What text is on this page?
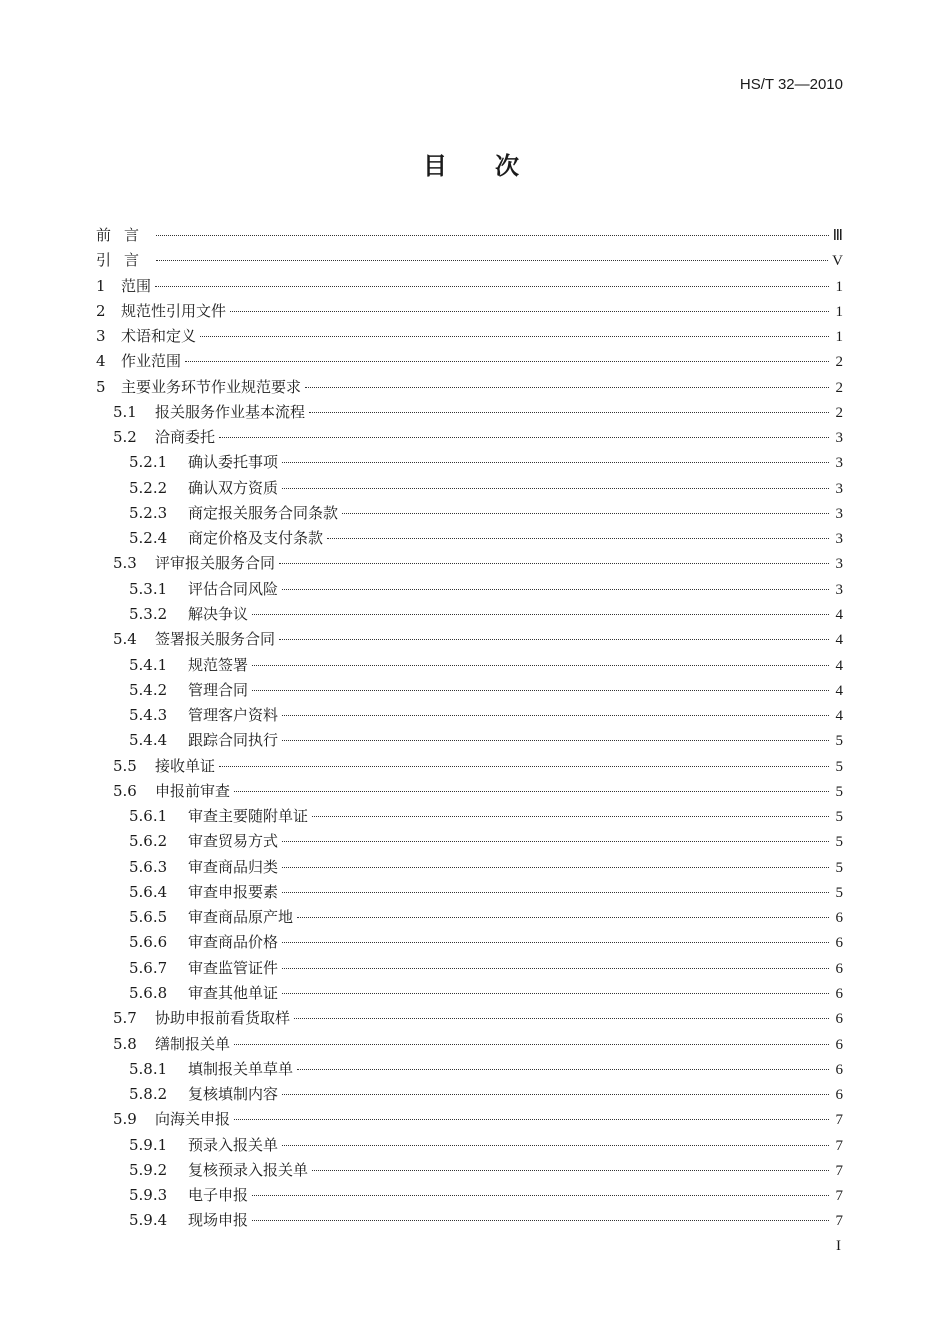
HS/T 32—2010
目次
前言	Ⅲ
引言	V
1	范围	1
2	规范性引用文件	1
3	术语和定义	1
4	作业范围	2
5	主要业务环节作业规范要求	2
5.1	报关服务作业基本流程	2
5.2	洽商委托	3
5.2.1	确认委托事项	3
5.2.2	确认双方资质	3
5.2.3	商定报关服务合同条款	3
5.2.4	商定价格及支付条款	3
5.3	评审报关服务合同	3
5.3.1	评估合同风险	3
5.3.2	解决争议	4
5.4	签署报关服务合同	4
5.4.1	规范签署	4
5.4.2	管理合同	4
5.4.3	管理客户资料	4
5.4.4	跟踪合同执行	5
5.5	接收单证	5
5.6	申报前审查	5
5.6.1	审查主要随附单证	5
5.6.2	审查贸易方式	5
5.6.3	审查商品归类	5
5.6.4	审查申报要素	5
5.6.5	审查商品原产地	6
5.6.6	审查商品价格	6
5.6.7	审查监管证件	6
5.6.8	审查其他单证	6
5.7	协助申报前看货取样	6
5.8	缮制报关单	6
5.8.1	填制报关单草单	6
5.8.2	复核填制内容	6
5.9	向海关申报	7
5.9.1	预录入报关单	7
5.9.2	复核预录入报关单	7
5.9.3	电子申报	7
5.9.4	现场申报	7
I
